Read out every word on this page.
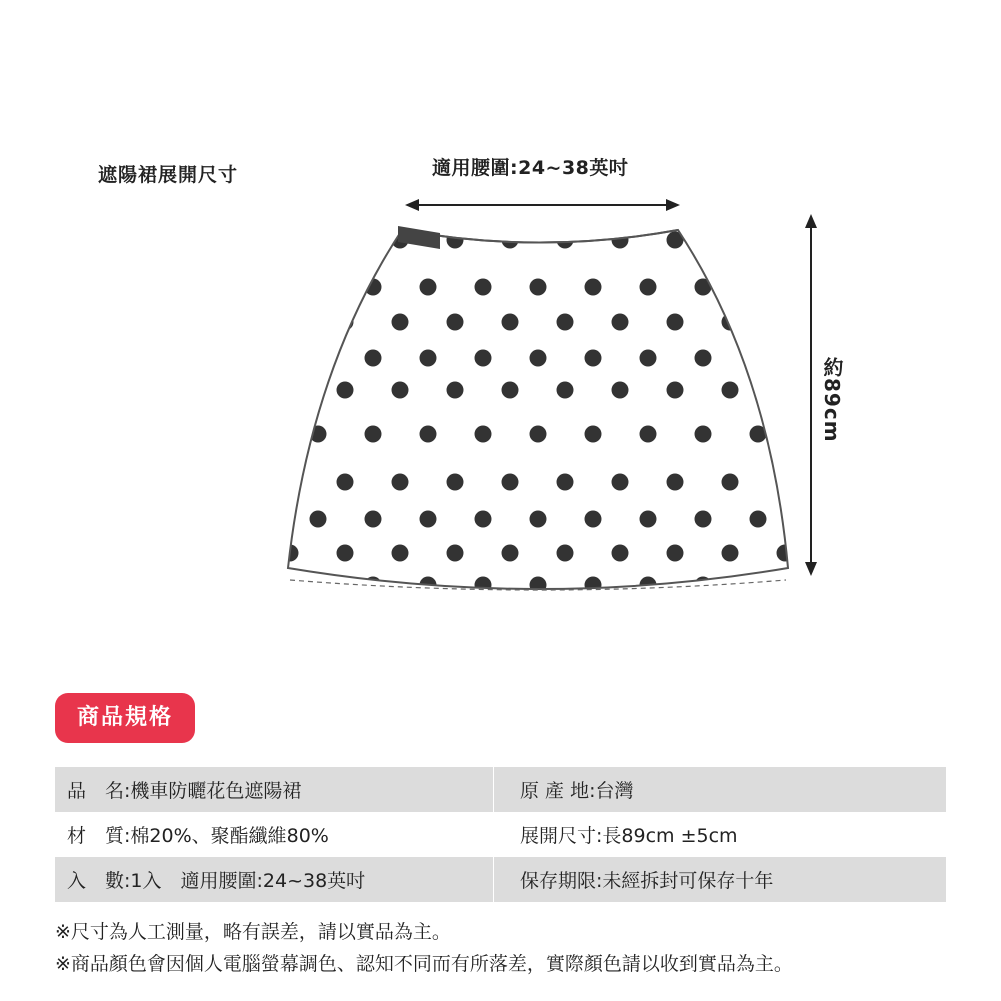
遮陽裙展開尺寸	適用腰圍:24~38英吋
約89cm
商品規格
品　名:機車防曬花色遮陽裙	原 產 地:台灣
材　質:棉20%、聚酯纖維80%	展開尺寸:長89cm ±5cm
入　數:1入　適用腰圍:24~38英吋	保存期限:未經拆封可保存十年
※尺寸為人工測量，略有誤差，請以實品為主。
※商品顏色會因個人電腦螢幕調色、認知不同而有所落差，實際顏色請以收到實品為主。
